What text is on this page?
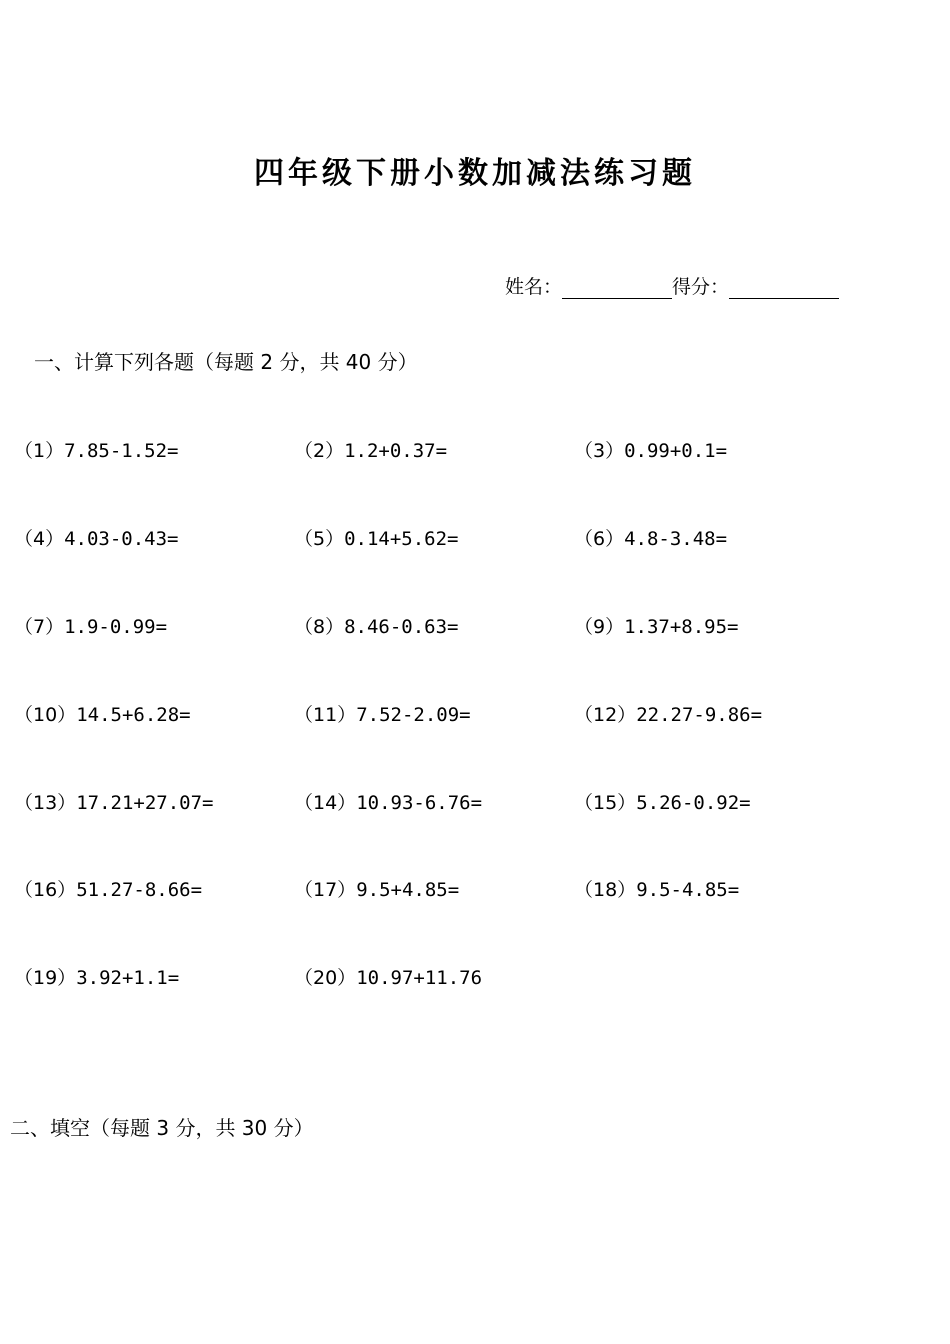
四年级下册小数加减法练习题
姓名：	得分：
一、计算下列各题（每题 2 分，共 40 分）
（1）7.85-1.52=	（2）1.2+0.37=	（3）0.99+0.1=
（4）4.03-0.43=	（5）0.14+5.62=	（6）4.8-3.48=
（7）1.9-0.99=	（8）8.46-0.63=	（9）1.37+8.95=
（10）14.5+6.28=	（11）7.52-2.09=	（12）22.27-9.86=
（13）17.21+27.07=	（14）10.93-6.76=	（15）5.26-0.92=
（16）51.27-8.66=	（17）9.5+4.85=	（18）9.5-4.85=
（19）3.92+1.1=	（20）10.97+11.76
二、填空（每题 3 分，共 30 分）
